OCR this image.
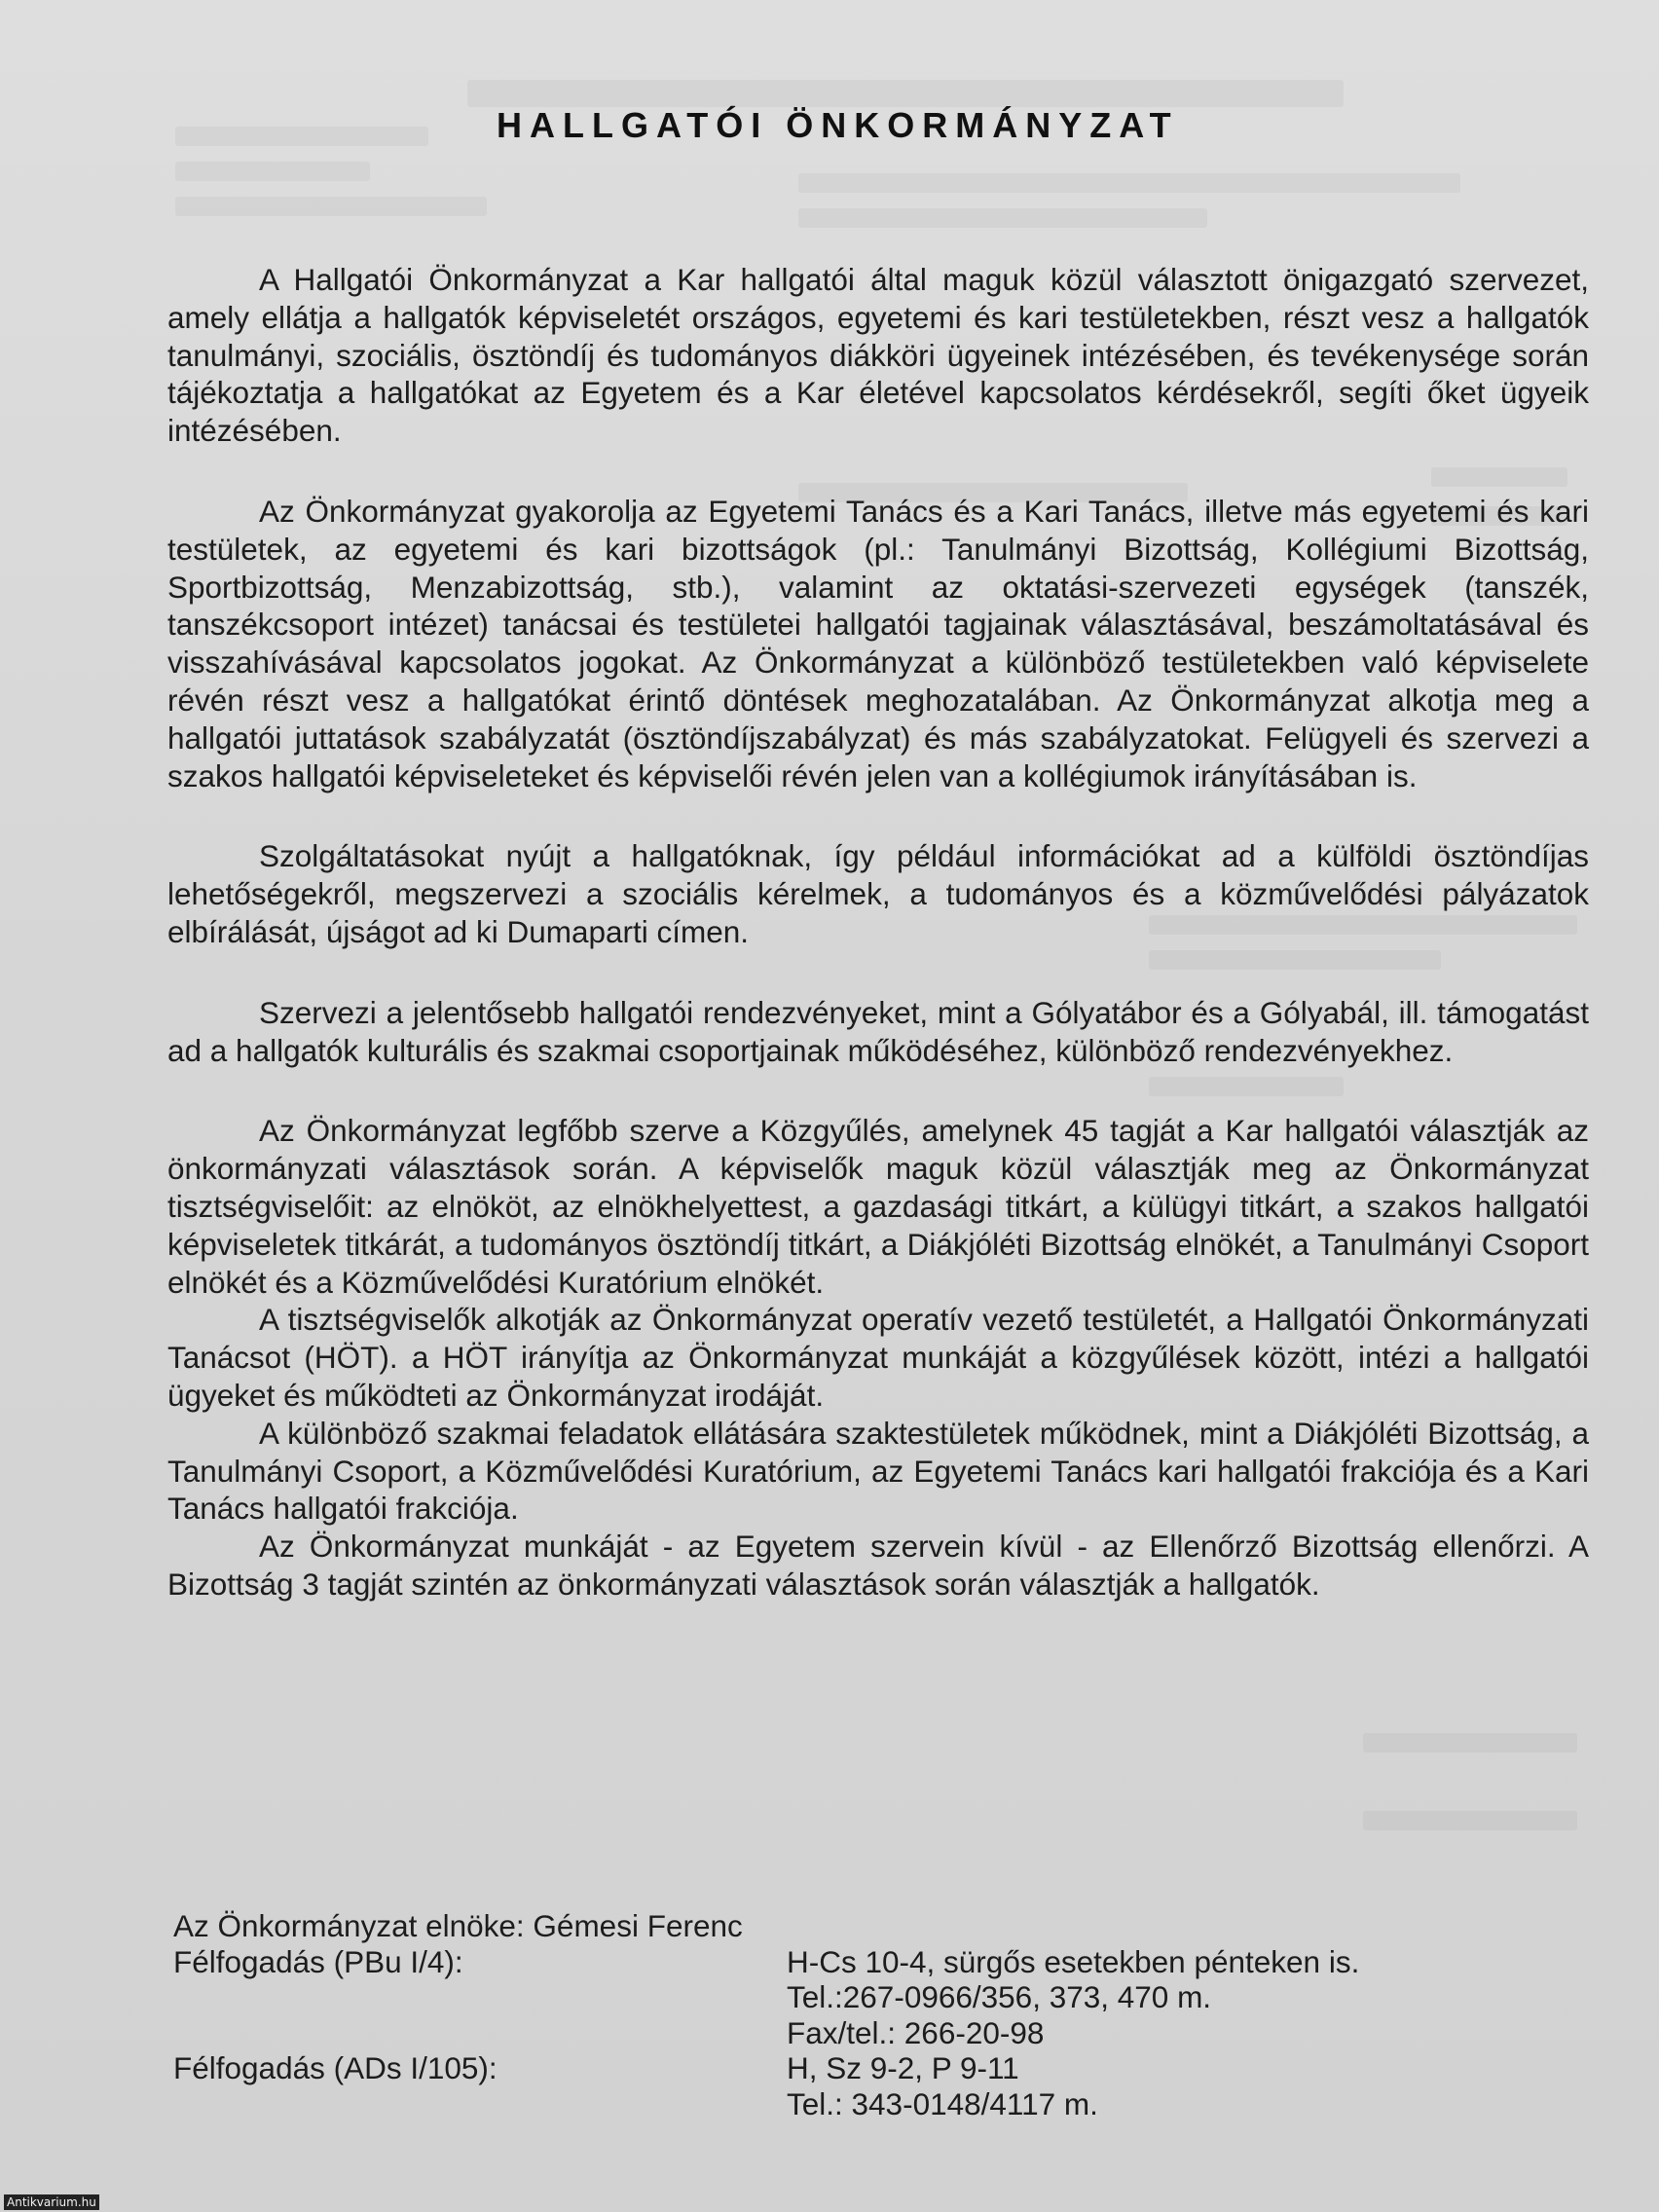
HALLGATÓI ÖNKORMÁNYZAT

A Hallgatói Önkormányzat a Kar hallgatói által maguk közül választott önigazgató szervezet, amely ellátja a hallgatók képviseletét országos, egyetemi és kari testületekben, részt vesz a hallgatók tanulmányi, szociális, ösztöndíj és tudományos diákköri ügyeinek intézésében, és tevékenysége során tájékoztatja a hallgatókat az Egyetem és a Kar életével kapcsolatos kérdésekről, segíti őket ügyeik intézésében.

Az Önkormányzat gyakorolja az Egyetemi Tanács és a Kari Tanács, illetve más egyetemi és kari testületek, az egyetemi és kari bizottságok (pl.: Tanulmányi Bizottság, Kollégiumi Bizottság, Sportbizottság, Menzabizottság, stb.), valamint az oktatási-szervezeti egységek (tanszék, tanszékcsoport intézet) tanácsai és testületei hallgatói tagjainak választásával, beszámoltatásával és visszahívásával kapcsolatos jogokat. Az Önkormányzat a különböző testületekben való képviselete révén részt vesz a hallgatókat érintő döntések meghozatalában. Az Önkormányzat alkotja meg a hallgatói juttatások szabályzatát (ösztöndíjszabályzat) és más szabályzatokat. Felügyeli és szervezi a szakos hallgatói képviseleteket és képviselői révén jelen van a kollégiumok irányításában is.

Szolgáltatásokat nyújt a hallgatóknak, így például információkat ad a külföldi ösztöndíjas lehetőségekről, megszervezi a szociális kérelmek, a tudományos és a közművelődési pályázatok elbírálását, újságot ad ki Dumaparti címen.

Szervezi a jelentősebb hallgatói rendezvényeket, mint a Gólyatábor és a Gólyabál, ill. támogatást ad a hallgatók kulturális és szakmai csoportjainak működéséhez, különböző rendezvényekhez.

Az Önkormányzat legfőbb szerve a Közgyűlés, amelynek 45 tagját a Kar hallgatói választják az önkormányzati választások során. A képviselők maguk közül választják meg az Önkormányzat tisztségviselőit: az elnököt, az elnökhelyettest, a gazdasági titkárt, a külügyi titkárt, a szakos hallgatói képviseletek titkárát, a tudományos ösztöndíj titkárt, a Diákjóléti Bizottság elnökét, a Tanulmányi Csoport elnökét és a Közművelődési Kuratórium elnökét.

A tisztségviselők alkotják az Önkormányzat operatív vezető testületét, a Hallgatói Önkormányzati Tanácsot (HÖT). a HÖT irányítja az Önkormányzat munkáját a közgyűlések között, intézi a hallgatói ügyeket és működteti az Önkormányzat irodáját.

A különböző szakmai feladatok ellátására szaktestületek működnek, mint a Diákjóléti Bizottság, a Tanulmányi Csoport, a Közművelődési Kuratórium, az Egyetemi Tanács kari hallgatói frakciója és a Kari Tanács hallgatói frakciója.

Az Önkormányzat munkáját - az Egyetem szervein kívül - az Ellenőrző Bizottság ellenőrzi. A Bizottság 3 tagját szintén az önkormányzati választások során választják a hallgatók.

Az Önkormányzat elnöke: Gémesi Ferenc
Félfogadás (PBu I/4):	H-Cs 10-4, sürgős esetekben pénteken is.
Tel.:267-0966/356, 373, 470 m.
Fax/tel.: 266-20-98
Félfogadás (ADs I/105):	H, Sz 9-2, P 9-11
Tel.: 343-0148/4117 m.
Antikvarium.hu
